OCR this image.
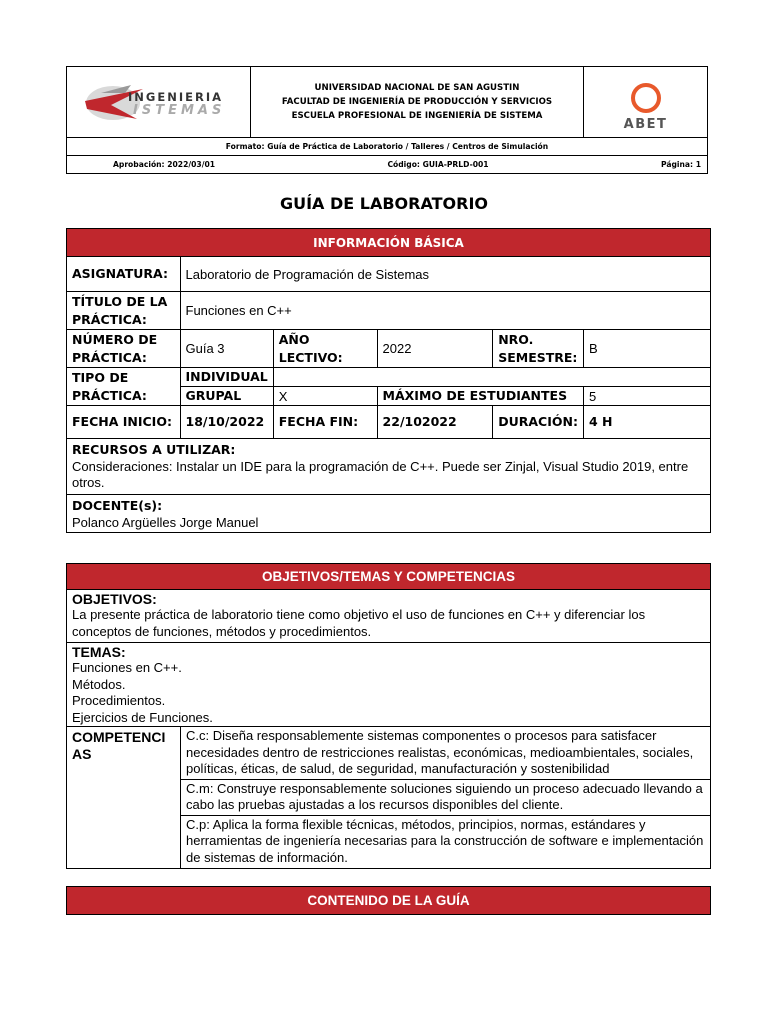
INGENIERIA
ISTEMAS

UNIVERSIDAD NACIONAL DE SAN AGUSTIN
FACULTAD DE INGENIERÍA DE PRODUCCIÓN Y SERVICIOS
ESCUELA PROFESIONAL DE INGENIERÍA DE SISTEMA

ABET

Formato: Guía de Práctica de Laboratorio / Talleres / Centros de Simulación

Aprobación: 2022/03/01	Código: GUIA-PRLD-001	Página: 1
GUÍA DE LABORATORIO
INFORMACIÓN BÁSICA					
ASIGNATURA:	Laboratorio de Programación de Sistemas				
TÍTULO DE LA PRÁCTICA:	Funciones en C++				
NÚMERO DE PRÁCTICA:	Guía 3	AÑO LECTIVO:	2022	NRO. SEMESTRE:	B
TIPO DE PRÁCTICA:	INDIVIDUAL				
	GRUPAL	X	MÁXIMO DE ESTUDIANTES		5
FECHA INICIO:	18/10/2022	FECHA FIN:	22/102022	DURACIÓN:	4 H

RECURSOS A UTILIZAR:
Consideraciones: Instalar un IDE para la programación de C++. Puede ser Zinjal, Visual Studio 2019, entre otros.					

DOCENTE(s):
Polanco Argüelles Jorge Manuel					
OBJETIVOS/TEMAS Y COMPETENCIAS

OBJETIVOS:
La presente práctica de laboratorio tiene como objetivo el uso de funciones en C++ y diferenciar los conceptos de funciones, métodos y procedimientos.

TEMAS:
Funciones en C++.
Métodos.
Procedimientos.
Ejercicios de Funciones.

COMPETENCIAS	C.c: Diseña responsablemente sistemas componentes o procesos para satisfacer necesidades dentro de restricciones realistas, económicas, medioambientales, sociales, políticas, éticas, de salud, de seguridad, manufacturación y sostenibilidad
C.m: Construye responsablemente soluciones siguiendo un proceso adecuado llevando a cabo las pruebas ajustadas a los recursos disponibles del cliente.
C.p: Aplica la forma flexible técnicas, métodos, principios, normas, estándares y herramientas de ingeniería necesarias para la construcción de software e implementación de sistemas de información.
CONTENIDO DE LA GUÍA
